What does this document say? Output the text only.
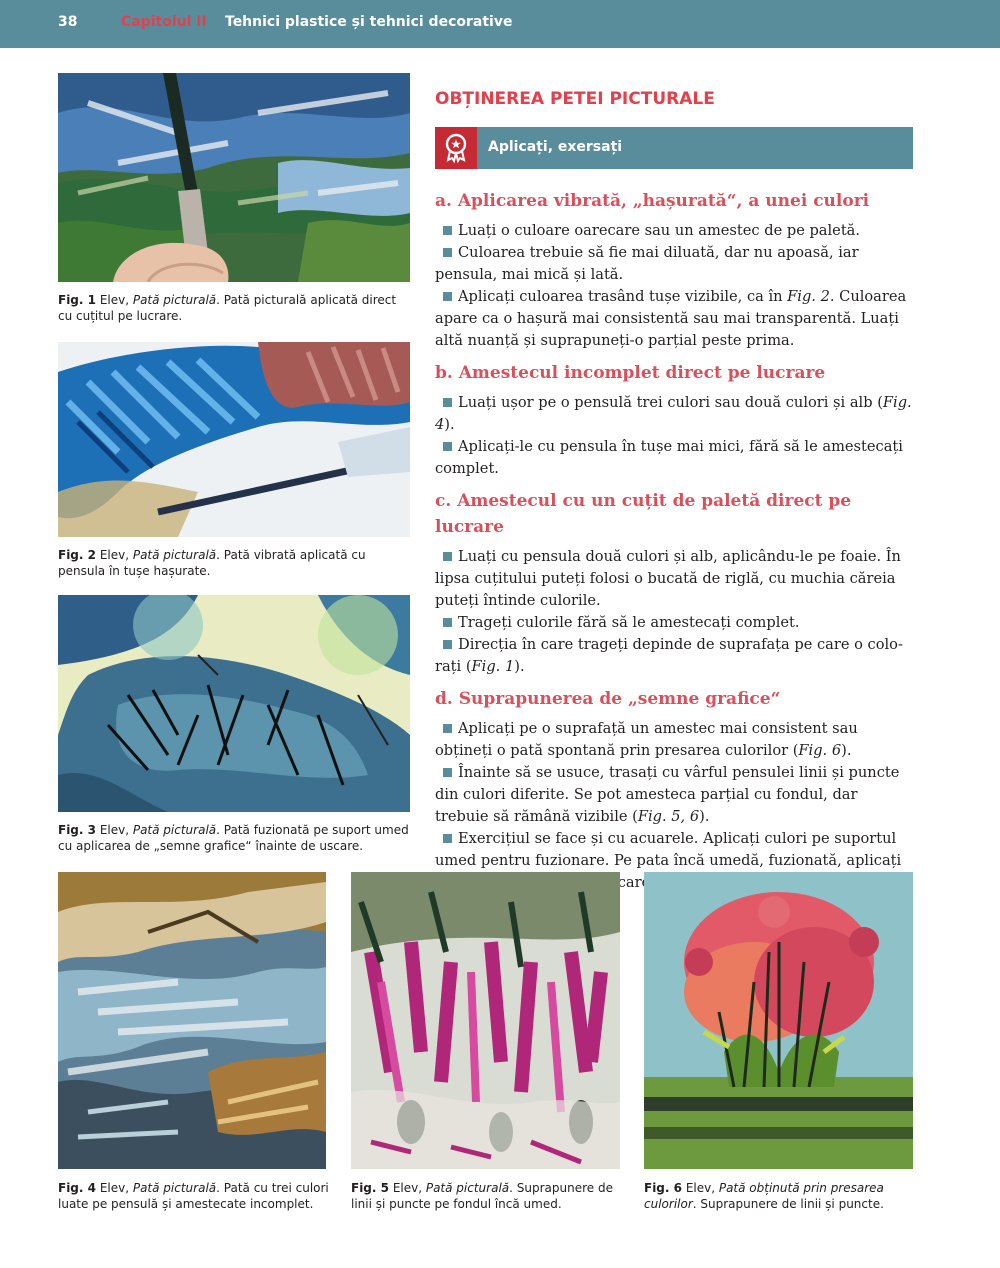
38	Capitolul II Tehnici plastice și tehnici decorative
Fig. 1 Elev, Pată picturală. Pată picturală aplicată direct cu cuțitul pe lucrare.
Fig. 2 Elev, Pată picturală. Pată vibrată aplicată cu pensula în tușe hașurate.
Fig. 3 Elev, Pată picturală. Pată fuzionată pe suport umed cu aplicarea de „semne grafice“ înainte de uscare.
OBȚINEREA PETEI PICTURALE
Aplicați, exersați
a. Aplicarea vibrată, „hașurată“, a unei culori

Luați o culoare oarecare sau un amestec de pe paletă.

Culoarea trebuie să fie mai diluată, dar nu apoasă, iar pensula, mai mică și lată.

Aplicați culoarea trasând tușe vizibile, ca în Fig. 2. Culoarea apare ca o hașură mai consistentă sau mai transparentă. Luați altă nuanță și suprapuneți-o parțial peste prima.

b. Amestecul incomplet direct pe lucrare

Luați ușor pe o pensulă trei culori sau două culori și alb (Fig. 4).

Aplicați-le cu pensula în tușe mai mici, fără să le amestecați complet.

c. Amestecul cu un cuțit de paletă direct pe lucrare

Luați cu pensula două culori și alb, aplicându-le pe foaie. În lipsa cuțitului puteți folosi o bucată de riglă, cu muchia căreia puteți întinde culorile.

Trageți culorile fără să le amestecați complet.

Direcția în care trageți depinde de suprafața pe care o colo-rați (Fig. 1).

d. Suprapunerea de „semne grafice“

Aplicați pe o suprafață un amestec mai consistent sau obțineți o pată spontană prin presarea culorilor (Fig. 6).

Înainte să se usuce, trasați cu vârful pensulei linii și puncte din culori diferite. Se pot amesteca parțial cu fondul, dar trebuie să rămână vizibile (Fig. 5, 6).

Exercițiul se face și cu acuarele. Aplicați culori pe suportul umed pentru fuzionare. Pe pata încă umedă, fuzionată, aplicați care

Fig. 4 Elev, Pată picturală. Pată cu trei culori luate pe pensulă și amestecate incomplet.
Fig. 5 Elev, Pată picturală. Suprapunere de linii și puncte pe fondul încă umed.
Fig. 6 Elev, Pată obținută prin presarea culorilor. Suprapunere de linii și puncte.
